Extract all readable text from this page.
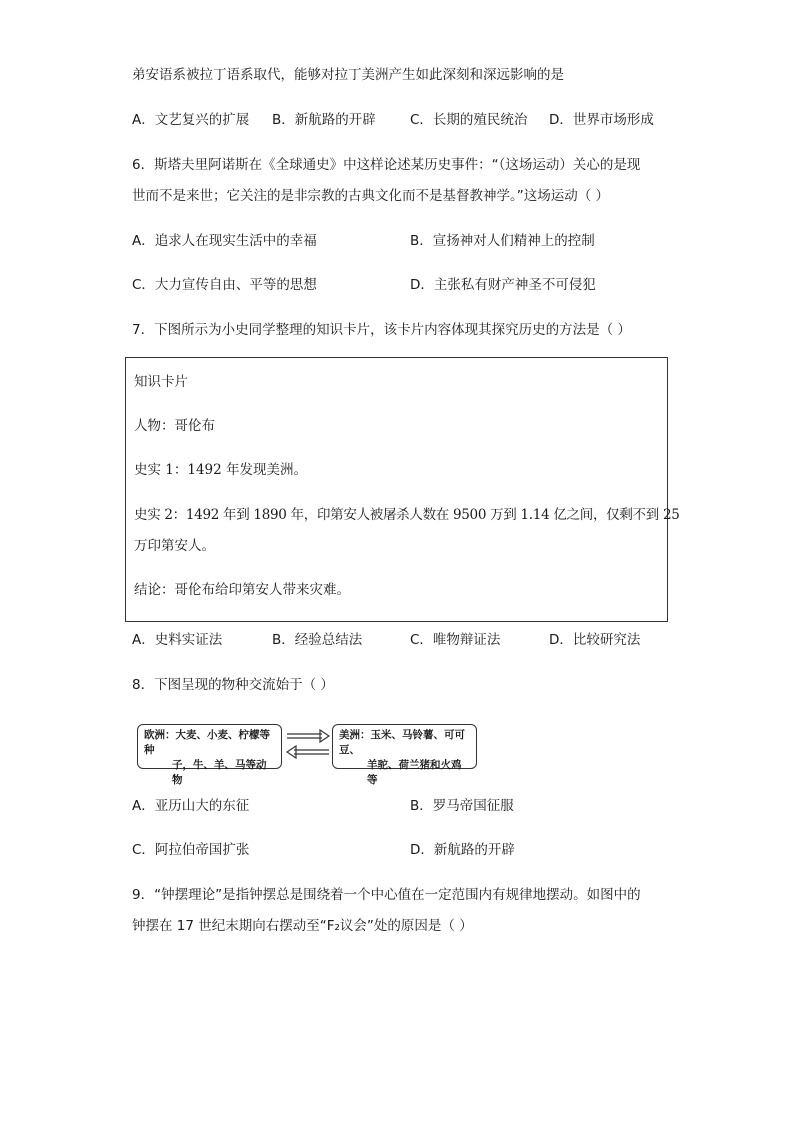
弟安语系被拉丁语系取代，能够对拉丁美洲产生如此深刻和深远影响的是
A．文艺复兴的扩展 B．新航路的开辟	C．长期的殖民统治 D．世界市场形成
6．斯塔夫里阿诺斯在《全球通史》中这样论述某历史事件：“（这场运动）关心的是现
世而不是来世；它关注的是非宗教的古典文化而不是基督教神学。”这场运动（ ）
A．追求人在现实生活中的幸福	B．宣扬神对人们精神上的控制
C．大力宣传自由、平等的思想	D．主张私有财产神圣不可侵犯
7．下图所示为小史同学整理的知识卡片，该卡片内容体现其探究历史的方法是（ ）
知识卡片
人物：哥伦布
史实 1：1492 年发现美洲。
史实 2：1492 年到 1890 年，印第安人被屠杀人数在 9500 万到 1.14 亿之间，仅剩不到 25
万印第安人。
结论：哥伦布给印第安人带来灾难。
A．史料实证法	B．经验总结法	C．唯物辩证法	D．比较研究法
8．下图呈现的物种交流始于（ ）
欧洲：大麦、小麦、柠檬等种
子，牛、羊、马等动物
美洲：玉米、马铃薯、可可豆、
羊驼、荷兰猪和火鸡等
A．亚历山大的东征	B．罗马帝国征服
C．阿拉伯帝国扩张	D．新航路的开辟
9．“钟摆理论”是指钟摆总是围绕着一个中心值在一定范围内有规律地摆动。如图中的
钟摆在 17 世纪末期向右摆动至“F₂议会”处的原因是（ ）
